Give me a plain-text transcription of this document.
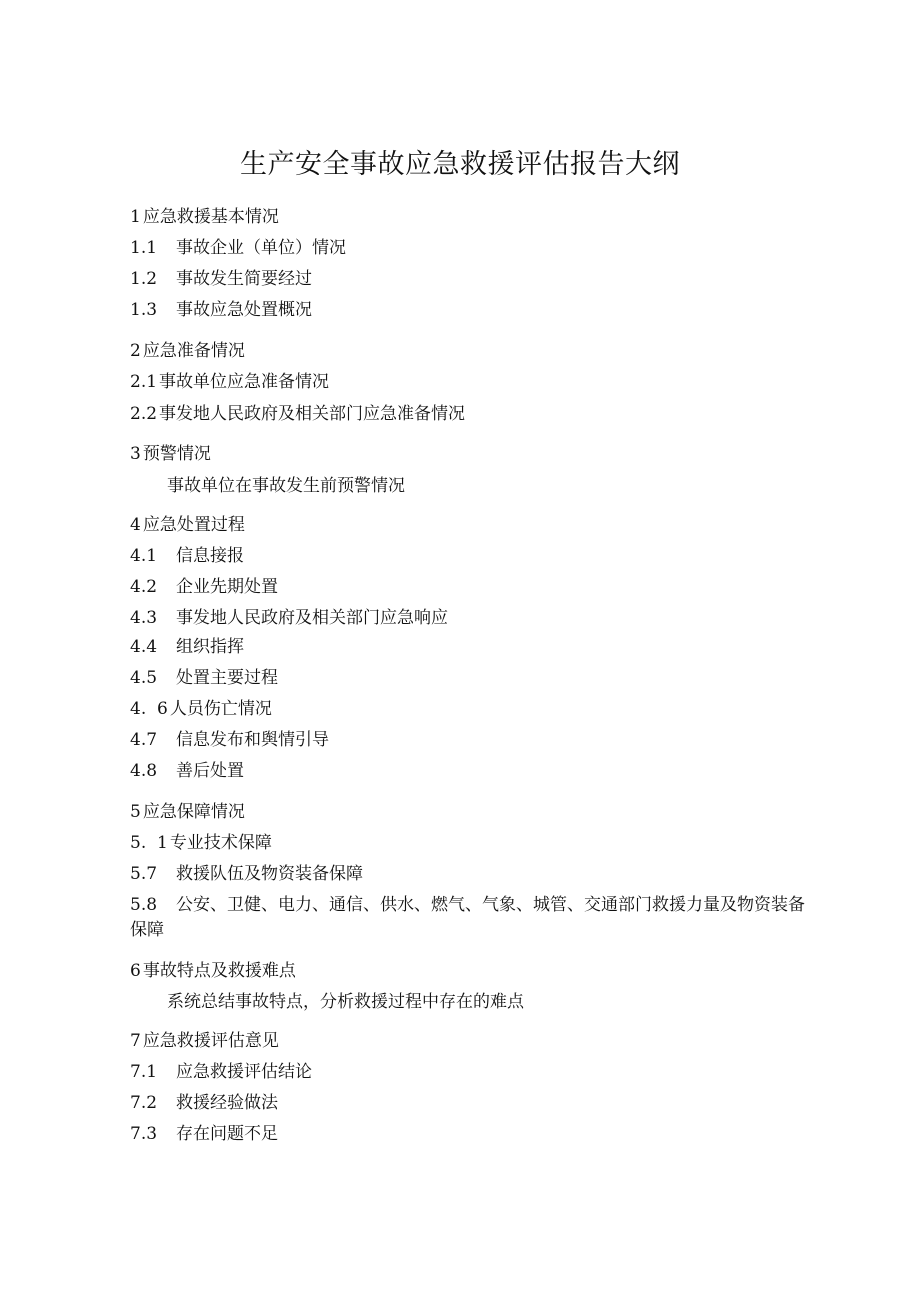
生产安全事故应急救援评估报告大纲
1 应急救援基本情况
1.1 事故企业（单位）情况
1.2 事故发生简要经过
1.3 事故应急处置概况
2 应急准备情况
2.1 事故单位应急准备情况
2.2 事发地人民政府及相关部门应急准备情况
3 预警情况
事故单位在事故发生前预警情况
4 应急处置过程
4.1 信息接报
4.2 企业先期处置
4.3 事发地人民政府及相关部门应急响应
4.4 组织指挥
4.5 处置主要过程
4.  6 人员伤亡情况
4.7 信息发布和舆情引导
4.8 善后处置
5 应急保障情况
5.  1 专业技术保障
5.7 救援队伍及物资装备保障
5.8 公安、卫健、电力、通信、供水、燃气、气象、城管、交通部门救援力量及物资装备保障
6 事故特点及救援难点
系统总结事故特点，分析救援过程中存在的难点
7 应急救援评估意见
7.1 应急救援评估结论
7.2 救援经验做法
7.3 存在问题不足
